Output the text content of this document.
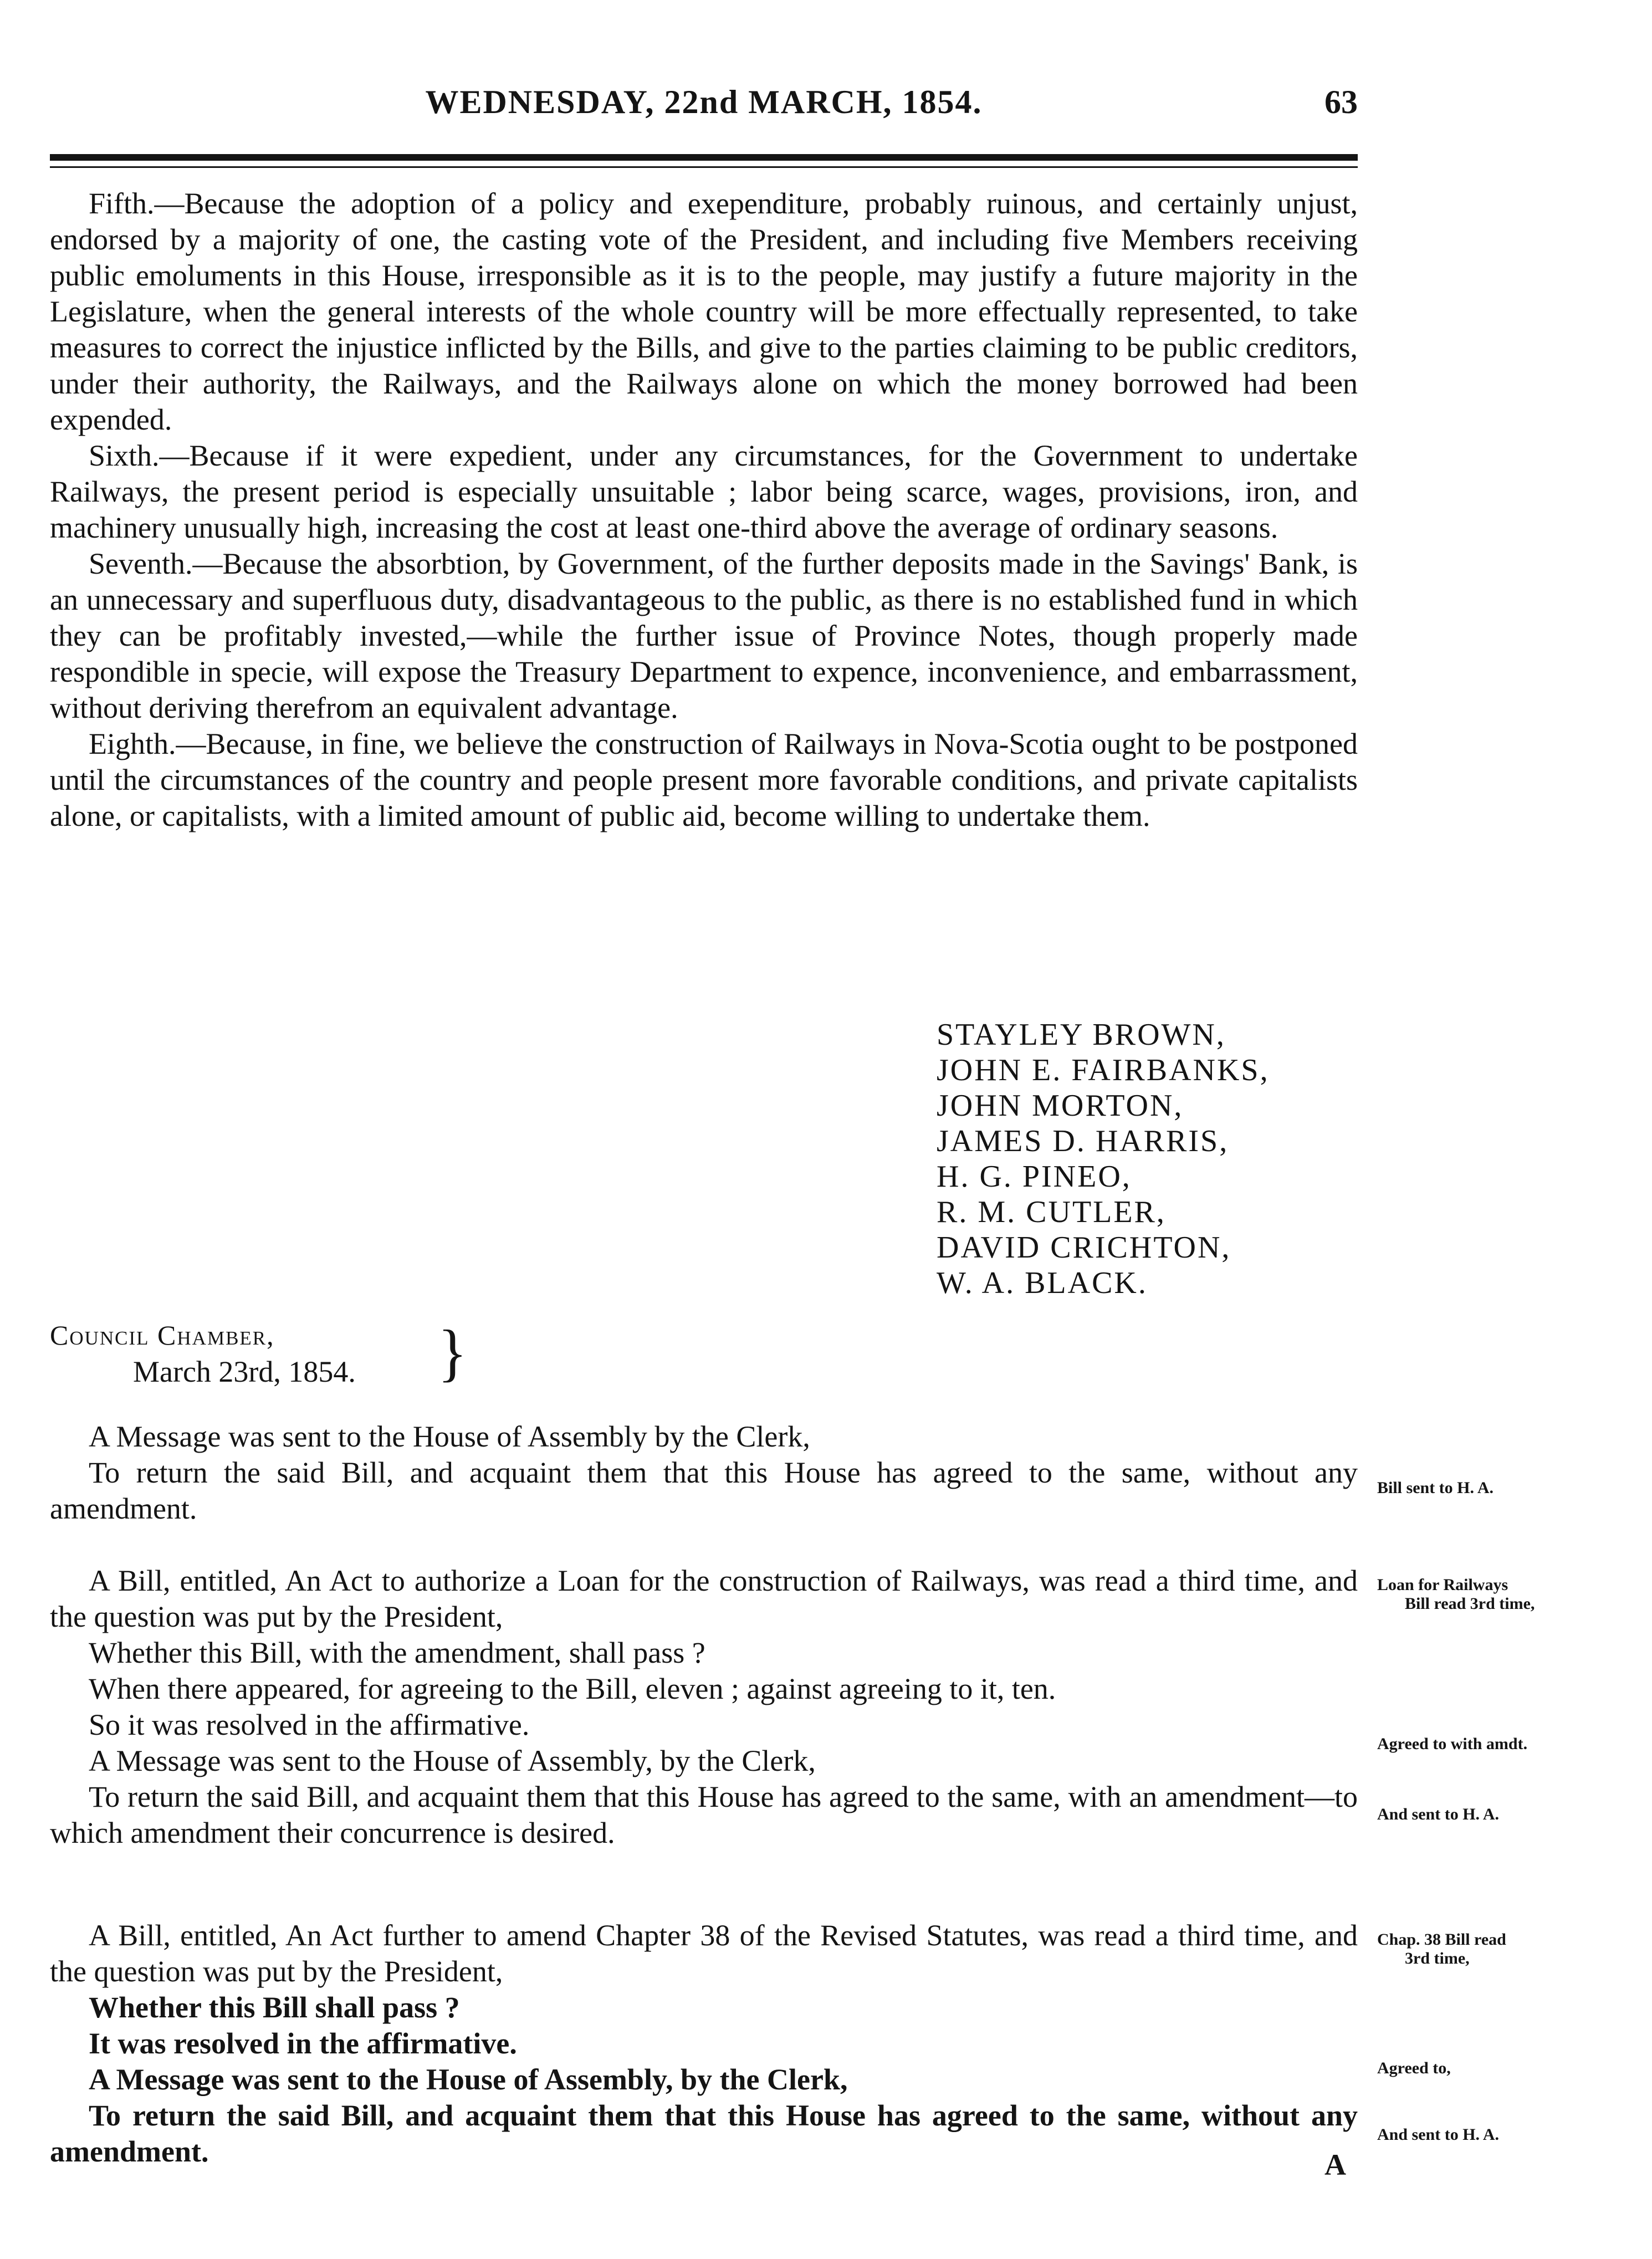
WEDNESDAY, 22nd MARCH, 1854.	63

Fifth.—Because the adoption of a policy and exependiture, probably ruinous, and certainly unjust, endorsed by a majority of one, the casting vote of the President, and including five Members receiving public emoluments in this House, irresponsible as it is to the people, may justify a future majority in the Legislature, when the general interests of the whole country will be more effectually represented, to take measures to correct the injustice inflicted by the Bills, and give to the parties claiming to be public creditors, under their authority, the Railways, and the Railways alone on which the money borrowed had been expended.

Sixth.—Because if it were expedient, under any circumstances, for the Government to undertake Railways, the present period is especially unsuitable ; labor being scarce, wages, provisions, iron, and machinery unusually high, increasing the cost at least one-third above the average of ordinary seasons.

Seventh.—Because the absorbtion, by Government, of the further deposits made in the Savings' Bank, is an unnecessary and superfluous duty, disadvantageous to the public, as there is no established fund in which they can be profitably invested,—while the further issue of Province Notes, though properly made respondible in specie, will expose the Treasury Department to expence, inconvenience, and embarrassment, without deriving therefrom an equivalent advantage.

Eighth.—Because, in fine, we believe the construction of Railways in Nova-Scotia ought to be postponed until the circumstances of the country and people present more favorable conditions, and private capitalists alone, or capitalists, with a limited amount of public aid, become willing to undertake them.

STAYLEY BROWN,
JOHN E. FAIRBANKS,
JOHN MORTON,
JAMES D. HARRIS,
H. G. PINEO,
R. M. CUTLER,
DAVID CRICHTON,
W. A. BLACK.
Council Chamber,
March 23rd, 1854. }

A Message was sent to the House of Assembly by the Clerk,

To return the said Bill, and acquaint them that this House has agreed to the same, without any amendment.

Bill sent to H. A.

A Bill, entitled, An Act to authorize a Loan for the construction of Railways, was read a third time, and the question was put by the President,

Whether this Bill, with the amendment, shall pass ?

When there appeared, for agreeing to the Bill, eleven ; against agreeing to it, ten.

So it was resolved in the affirmative.

A Message was sent to the House of Assembly, by the Clerk,

To return the said Bill, and acquaint them that this House has agreed to the same, with an amendment—to which amendment their concurrence is desired.

Loan for Railways
Bill read 3rd time,
Agreed to with amdt.
And sent to H. A.

A Bill, entitled, An Act further to amend Chapter 38 of the Revised Statutes, was read a third time, and the question was put by the President,

Whether this Bill shall pass ?

It was resolved in the affirmative.

A Message was sent to the House of Assembly, by the Clerk,

To return the said Bill, and acquaint them that this House has agreed to the same, without any amendment.

Chap. 38 Bill read
3rd time,
Agreed to,
And sent to H. A.
A
